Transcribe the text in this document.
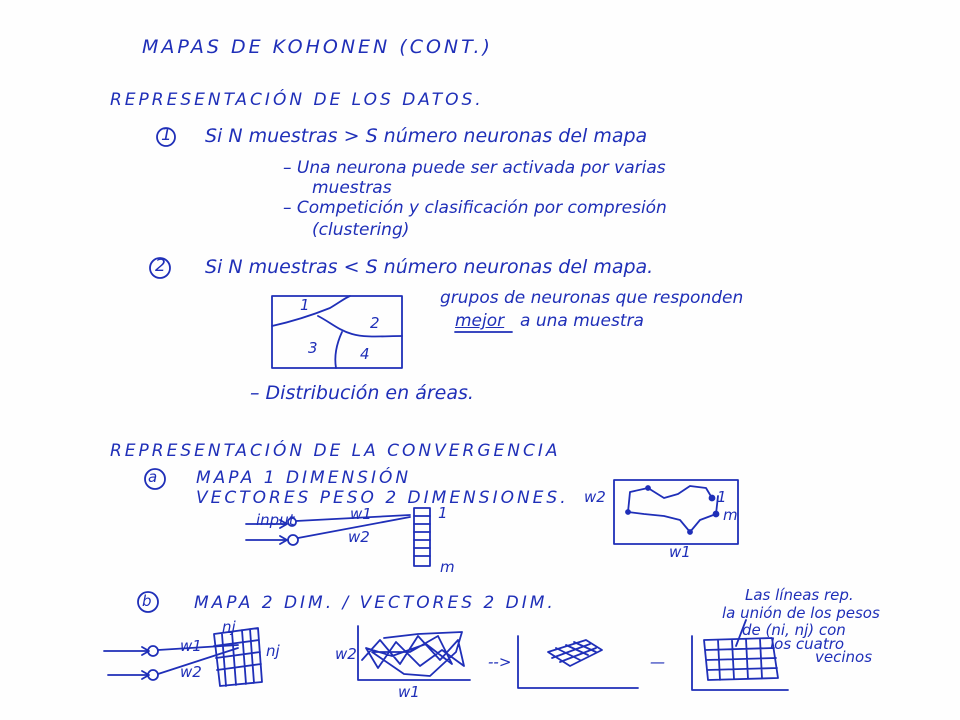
MAPAS DE KOHONEN (CONT.)
REPRESENTACIÓN DE LOS DATOS.
1 Si N muestras > S número neuronas del mapa
– Una neurona puede ser activada por varias
muestras
– Competición y clasificación por compresión
(clustering)
2 Si N muestras < S número neuronas del mapa.
1
2
3	4
grupos de neuronas que responden
mejor a una muestra
– Distribución en áreas.
REPRESENTACIÓN DE LA CONVERGENCIA
a MAPA 1 DIMENSIÓN
VECTORES PESO 2 DIMENSIONES.
input	w1
w2
1
m
w2
w1
1
m
b MAPA 2 DIM. / VECTORES 2 DIM.
w1
w2
nj
nj	w2
w1
-->	—
Las líneas rep.
la unión de los pesos
de (ni, nj) con
los cuatro
vecinos
